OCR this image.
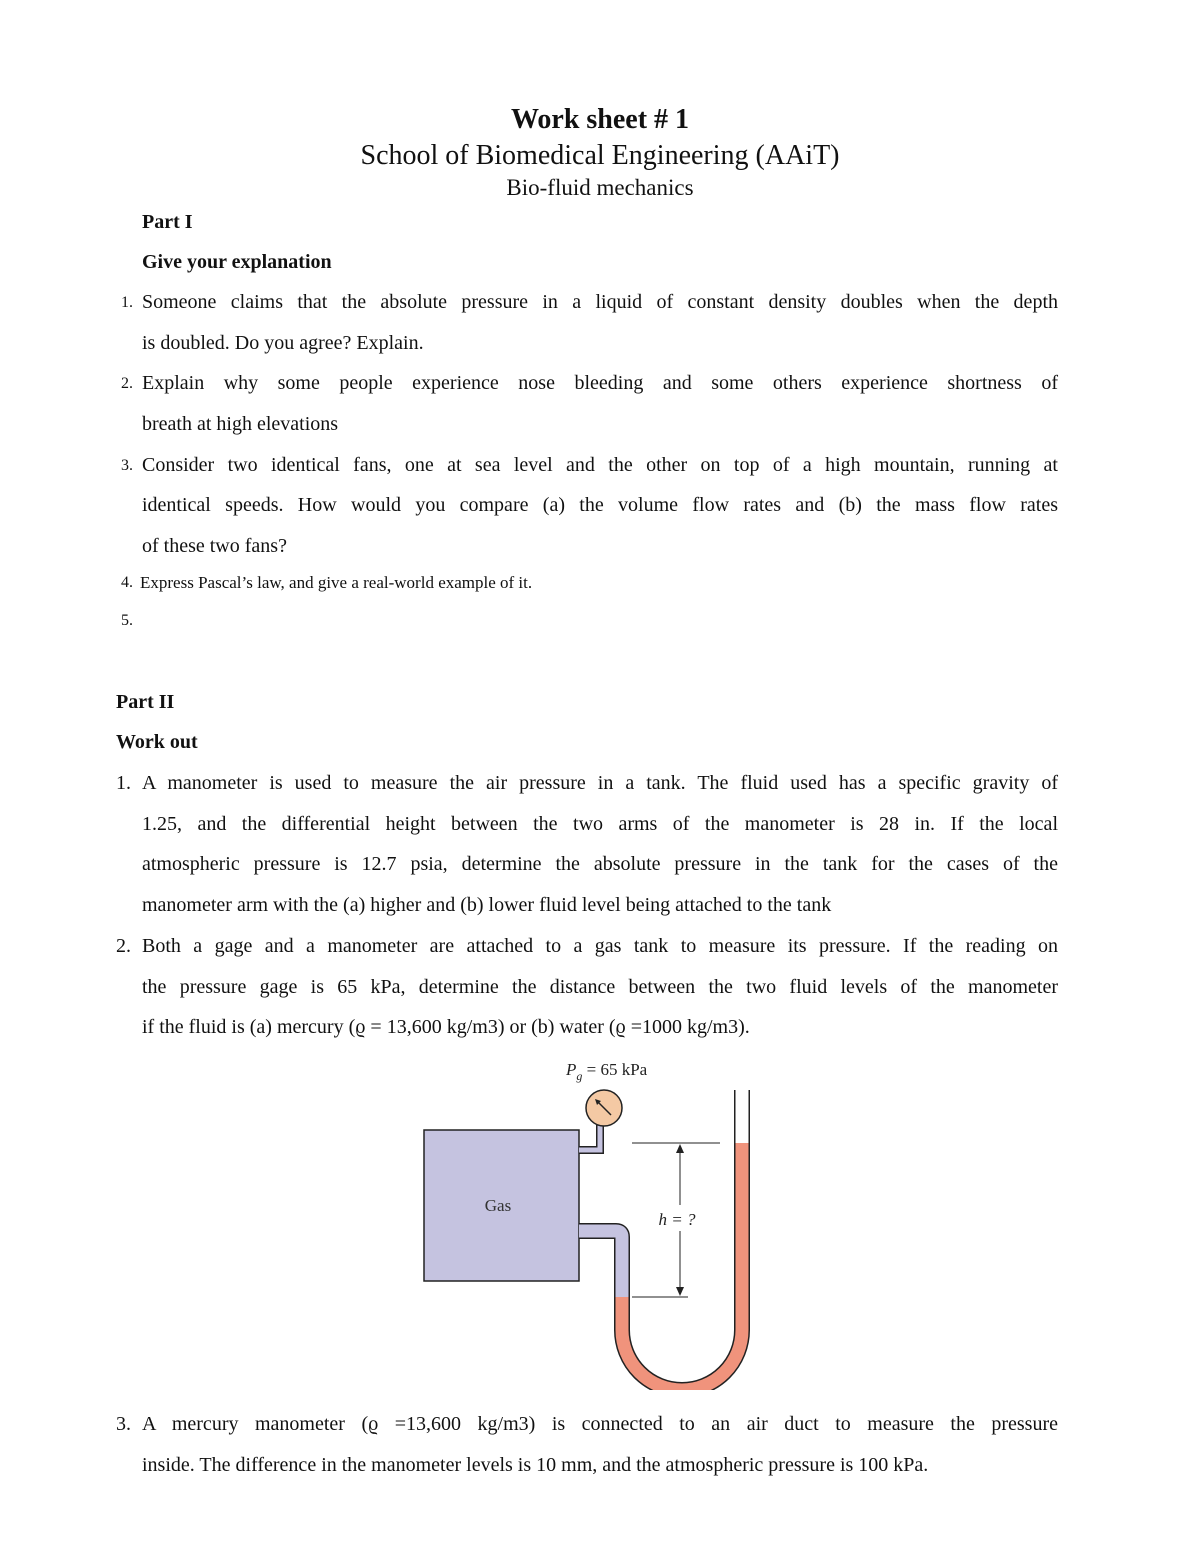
Work sheet # 1
School of Biomedical Engineering (AAiT)
Bio-fluid mechanics
Part I
Give your explanation
1. Someone claims that the absolute pressure in a liquid of constant density doubles when the depth
is doubled. Do you agree? Explain.
2. Explain why some people experience nose bleeding and some others experience shortness of
breath at high elevations
3. Consider two identical fans, one at sea level and the other on top of a high mountain, running at
identical speeds. How would you compare (a) the volume flow rates and (b) the mass flow rates
of these two fans?
4. Express Pascal’s law, and give a real-world example of it.
5.
Part II
Work out
1. A manometer is used to measure the air pressure in a tank. The fluid used has a specific gravity of
1.25, and the differential height between the two arms of the manometer is 28 in. If the local
atmospheric pressure is 12.7 psia, determine the absolute pressure in the tank for the cases of the
manometer arm with the (a) higher and (b) lower fluid level being attached to the tank
2. Both a gage and a manometer are attached to a gas tank to measure its pressure. If the reading on
the pressure gage is 65 kPa, determine the distance between the two fluid levels of the manometer
if the fluid is (a) mercury (ϱ = 13,600 kg/m3) or (b) water (ϱ =1000 kg/m3).
$P_g = 65$ kPa
Gas
h = ?
3. A mercury manometer (ϱ =13,600 kg/m3) is connected to an air duct to measure the pressure
inside. The difference in the manometer levels is 10 mm, and the atmospheric pressure is 100 kPa.
